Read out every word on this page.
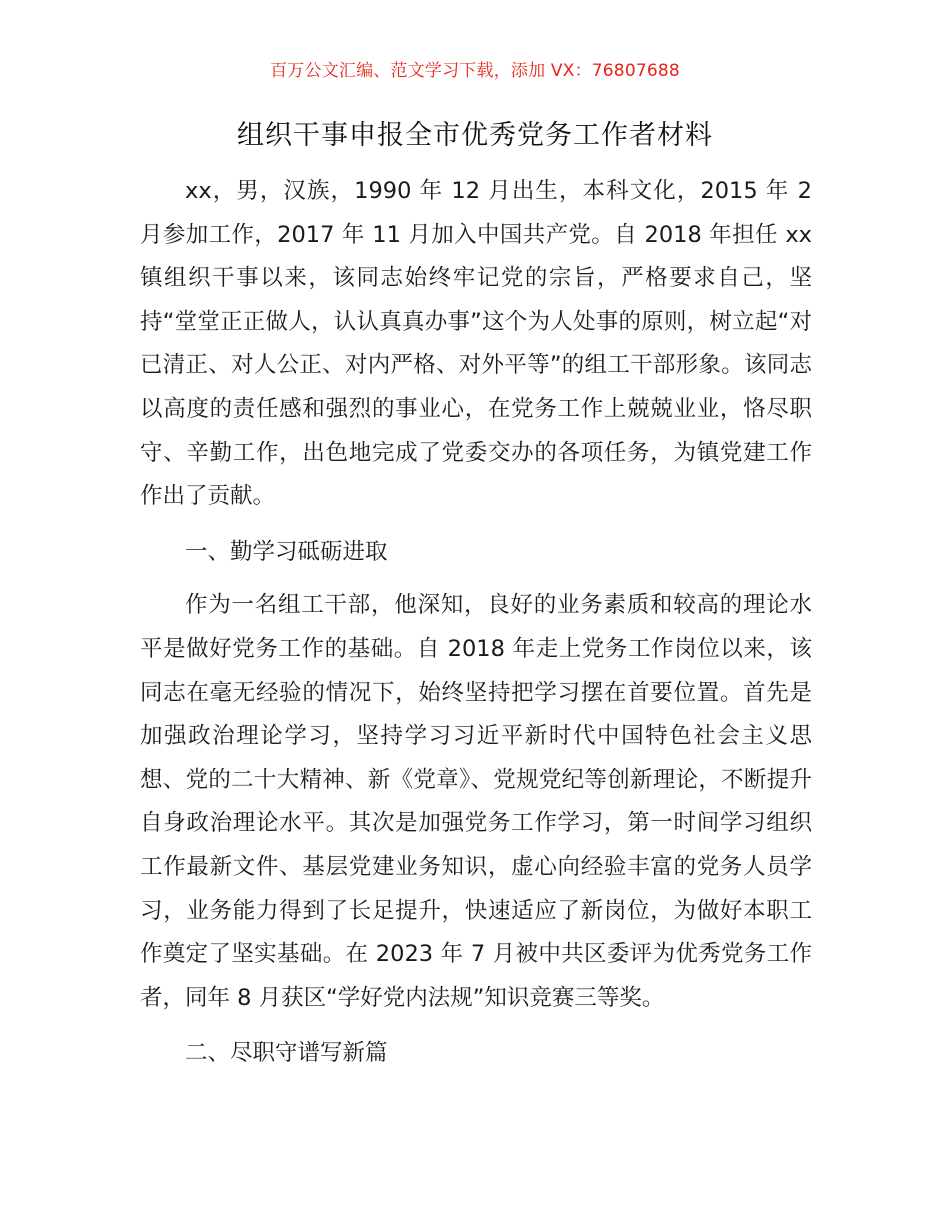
百万公文汇编、范文学习下载，添加 VX：76807688
组织干事申报全市优秀党务工作者材料

xx，男，汉族，1990 年 12 月出生，本科文化，2015 年 2 月参加工作，2017 年 11 月加入中国共产党。自 2018 年担任 xx 镇组织干事以来，该同志始终牢记党的宗旨，严格要求自己，坚持“堂堂正正做人，认认真真办事”这个为人处事的原则，树立起“对已清正、对人公正、对内严格、对外平等”的组工干部形象。该同志以高度的责任感和强烈的事业心，在党务工作上兢兢业业，恪尽职守、辛勤工作，出色地完成了党委交办的各项任务，为镇党建工作作出了贡献。

一、勤学习砥砺进取

作为一名组工干部，他深知，良好的业务素质和较高的理论水平是做好党务工作的基础。自 2018 年走上党务工作岗位以来，该同志在毫无经验的情况下，始终坚持把学习摆在首要位置。首先是加强政治理论学习，坚持学习习近平新时代中国特色社会主义思想、党的二十大精神、新《党章》、党规党纪等创新理论，不断提升自身政治理论水平。其次是加强党务工作学习，第一时间学习组织工作最新文件、基层党建业务知识，虚心向经验丰富的党务人员学习，业务能力得到了长足提升，快速适应了新岗位，为做好本职工作奠定了坚实基础。在 2023 年 7 月被中共区委评为优秀党务工作者，同年 8 月获区“学好党内法规”知识竞赛三等奖。

二、尽职守谱写新篇
